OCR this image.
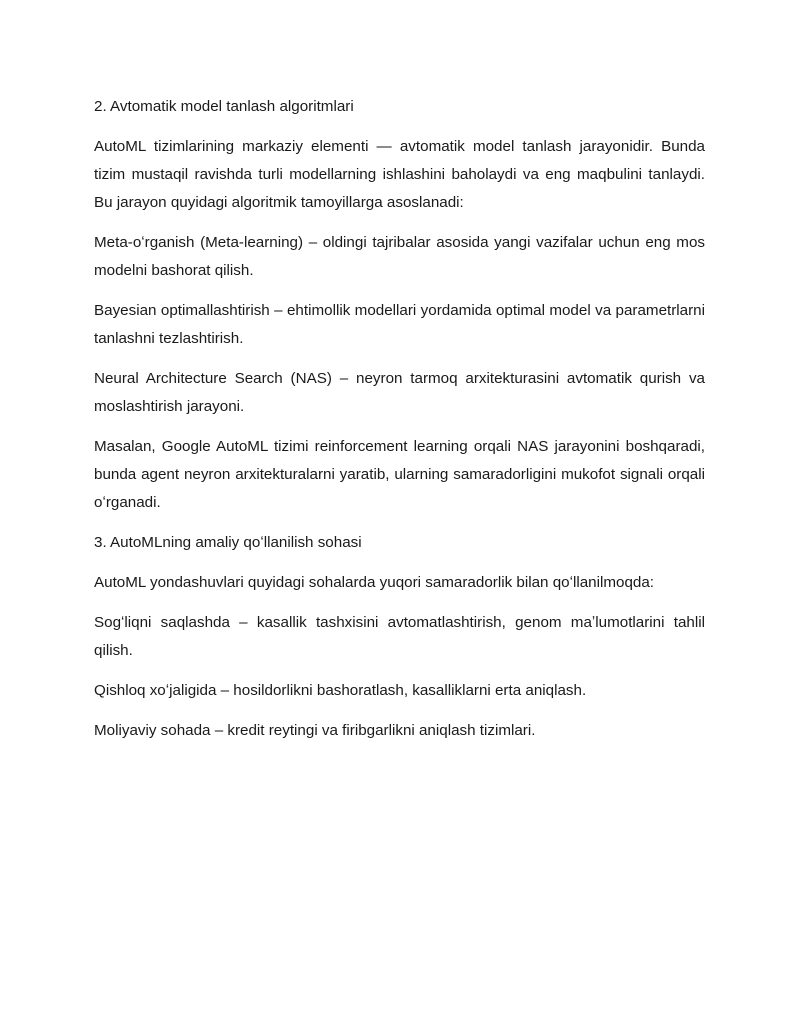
2. Avtomatik model tanlash algoritmlari

AutoML tizimlarining markaziy elementi — avtomatik model tanlash jarayonidir. Bunda tizim mustaqil ravishda turli modellarning ishlashini baholaydi va eng maqbulini tanlaydi. Bu jarayon quyidagi algoritmik tamoyillarga asoslanadi:

Meta-oʻrganish (Meta-learning) – oldingi tajribalar asosida yangi vazifalar uchun eng mos modelni bashorat qilish.

Bayesian optimallashtirish – ehtimollik modellari yordamida optimal model va parametrlarni tanlashni tezlashtirish.

Neural Architecture Search (NAS) – neyron tarmoq arxitekturasini avtomatik qurish va moslashtirish jarayoni.

Masalan, Google AutoML tizimi reinforcement learning orqali NAS jarayonini boshqaradi, bunda agent neyron arxitekturalarni yaratib, ularning samaradorligini mukofot signali orqali oʻrganadi.

3. AutoMLning amaliy qoʻllanilish sohasi

AutoML yondashuvlari quyidagi sohalarda yuqori samaradorlik bilan qoʻllanilmoqda:

Sogʻliqni saqlashda – kasallik tashxisini avtomatlashtirish, genom maʼlumotlarini tahlil qilish.

Qishloq xoʻjaligida – hosildorlikni bashoratlash, kasalliklarni erta aniqlash.

Moliyaviy sohada – kredit reytingi va firibgarlikni aniqlash tizimlari.
